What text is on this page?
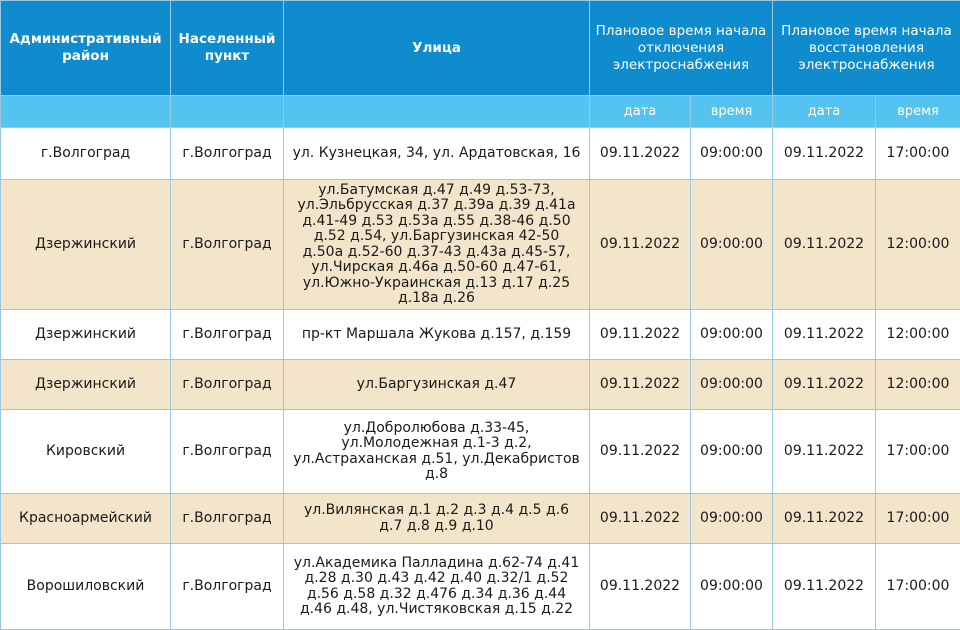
Административный район	Населенный пункт	Улица	Плановое время начала отключения электроснабжения		Плановое время начала восстановления электроснабжения	
			дата	время	дата	время
г.Волгоград	г.Волгоград	ул. Кузнецкая, 34, ул. Ардатовская, 16	09.11.2022	09:00:00	09.11.2022	17:00:00
Дзержинский	г.Волгоград	ул.Батумская д.47 д.49 д.53-73, ул.Эльбрусская д.37 д.39а д.39 д.41а д.41-49 д.53 д.53а д.55 д.38-46 д.50 д.52 д.54, ул.Баргузинская 42-50 д.50а д.52-60 д.37-43 д.43а д.45-57, ул.Чирская д.46а д.50-60 д.47-61, ул.Южно-Украинская д.13 д.17 д.25 д.18а д.26	09.11.2022	09:00:00	09.11.2022	12:00:00
Дзержинский	г.Волгоград	пр-кт Маршала Жукова д.157, д.159	09.11.2022	09:00:00	09.11.2022	12:00:00
Дзержинский	г.Волгоград	ул.Баргузинская д.47	09.11.2022	09:00:00	09.11.2022	12:00:00
Кировский	г.Волгоград	ул.Добролюбова д.33-45, ул.Молодежная д.1-3 д.2, ул.Астраханская д.51, ул.Декабристов д.8	09.11.2022	09:00:00	09.11.2022	17:00:00
Красноармейский	г.Волгоград	ул.Вилянская д.1 д.2 д.3 д.4 д.5 д.6 д.7 д.8 д.9 д.10	09.11.2022	09:00:00	09.11.2022	17:00:00
Ворошиловский	г.Волгоград	ул.Академика Палладина д.62-74 д.41 д.28 д.30 д.43 д.42 д.40 д.32/1 д.52 д.56 д.58 д.32 д.476 д.34 д.36 д.44 д.46 д.48, ул.Чистяковская д.15 д.22	09.11.2022	09:00:00	09.11.2022	17:00:00
